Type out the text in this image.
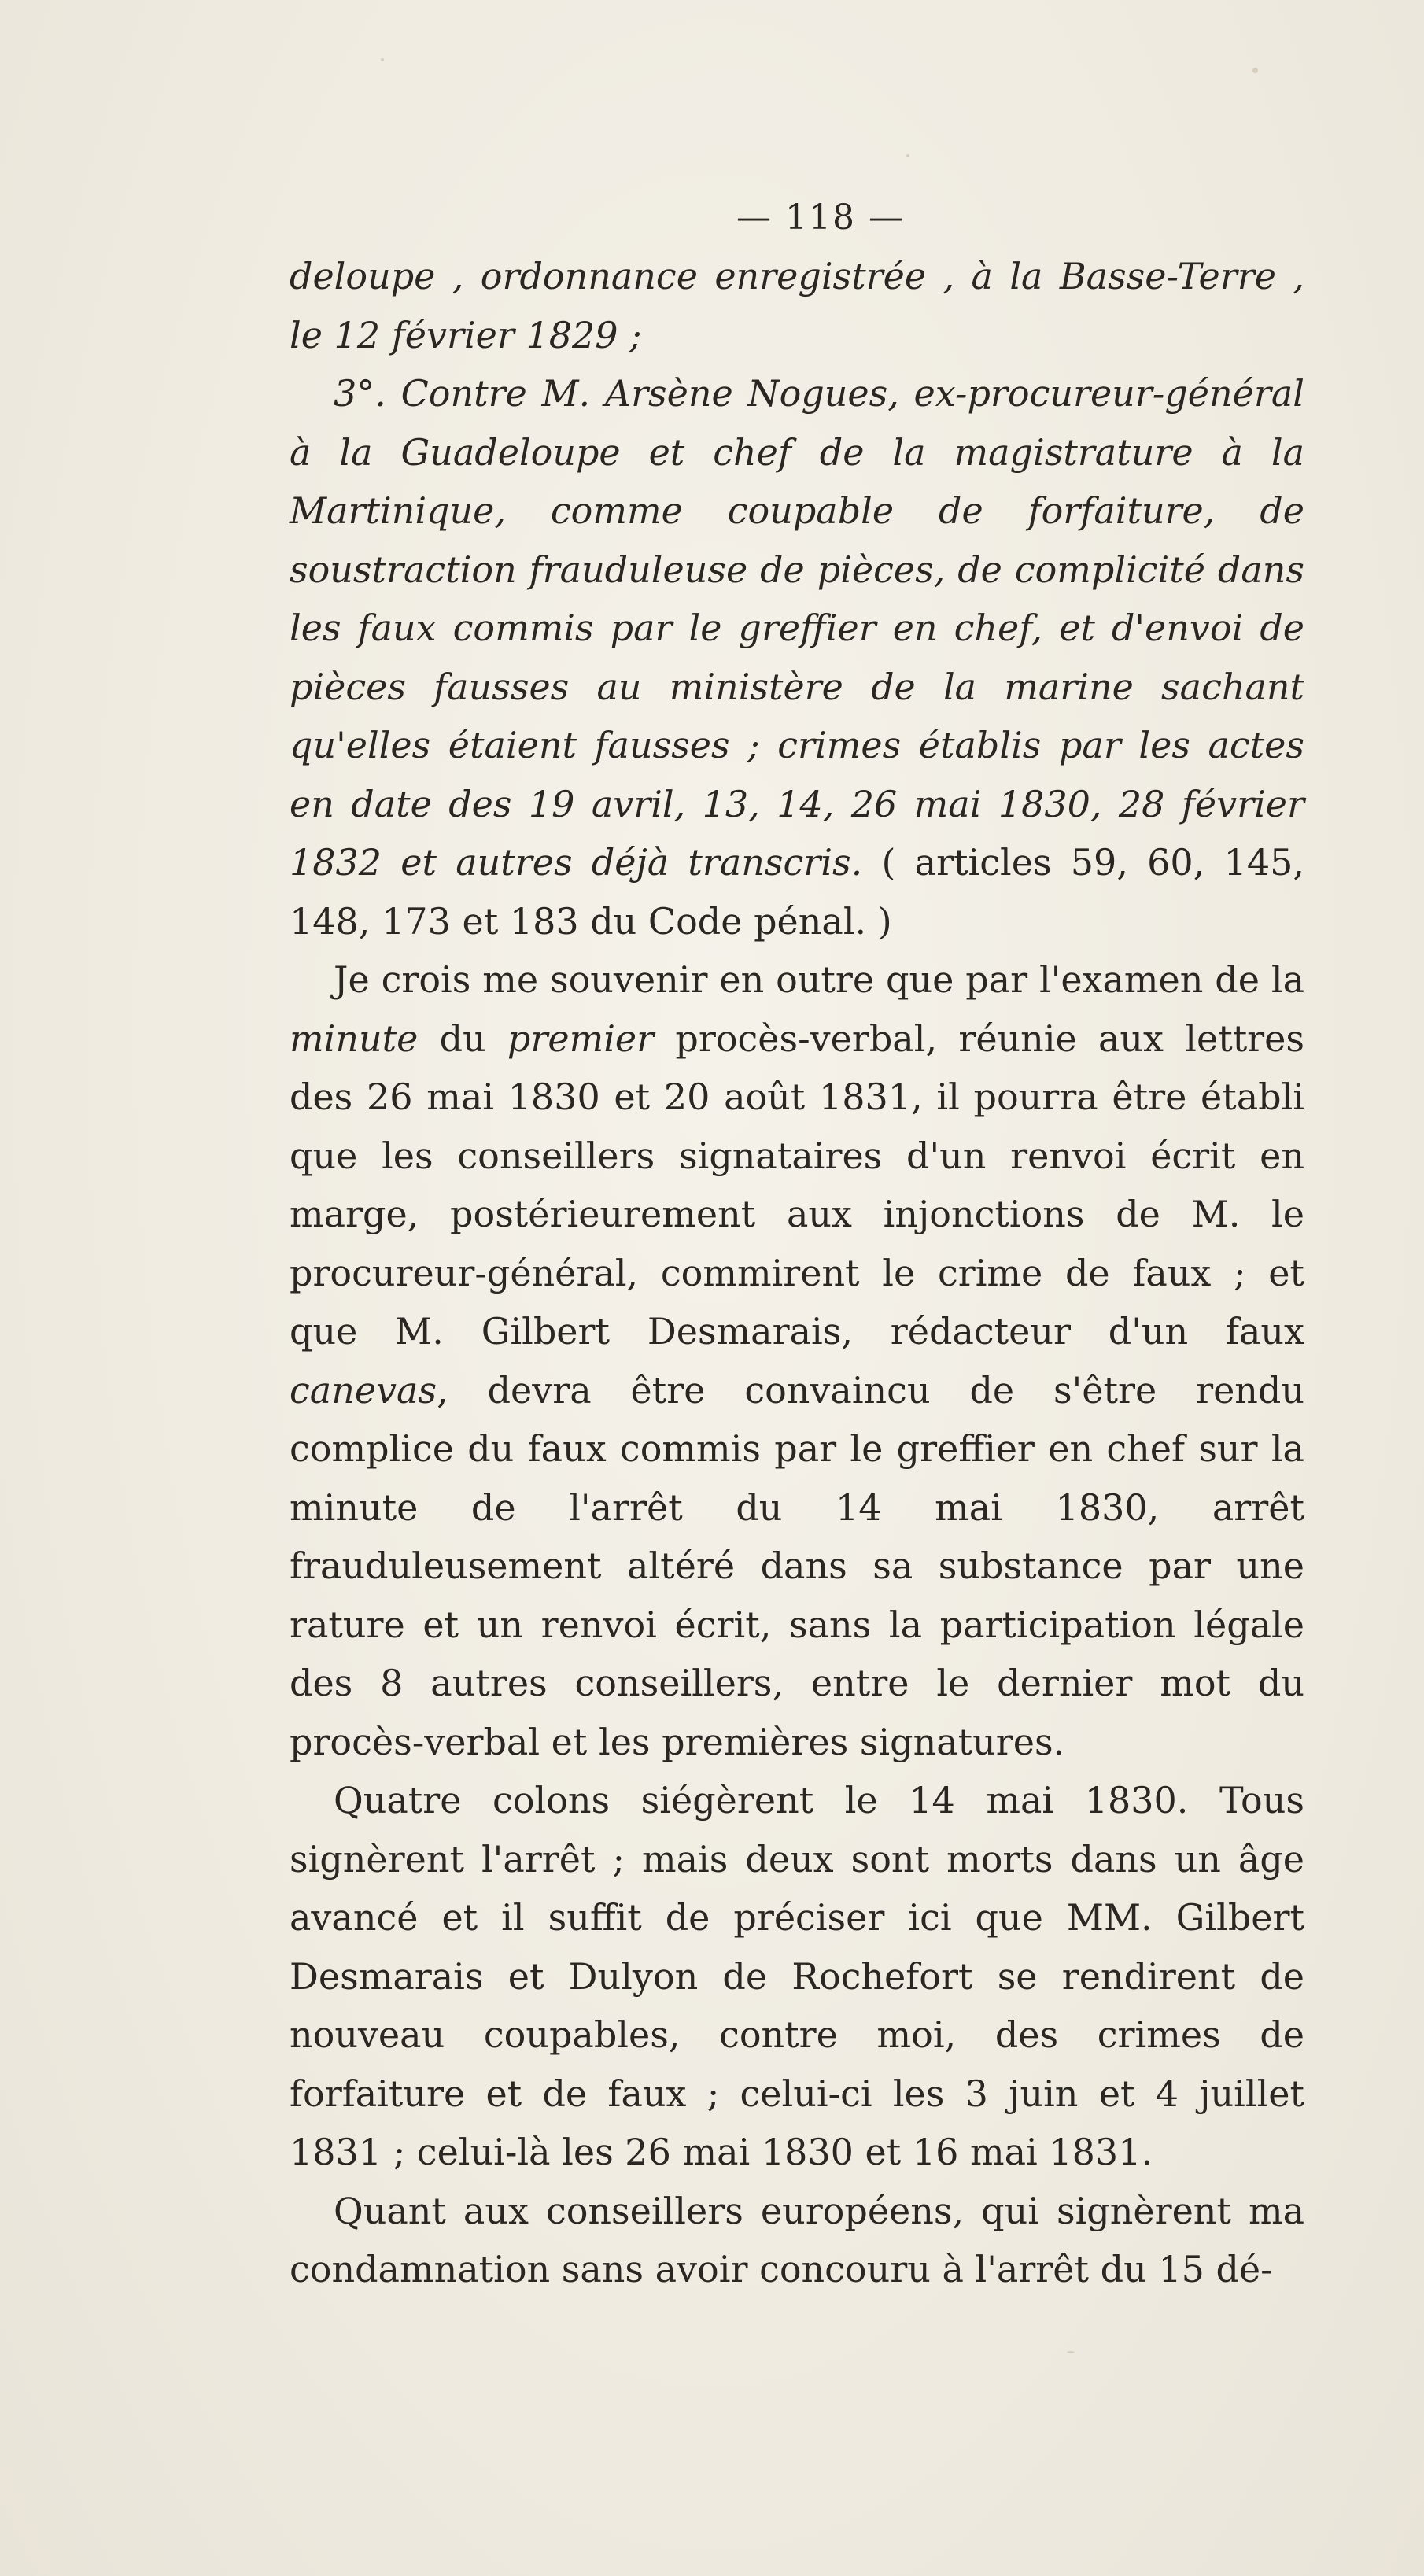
— 118 —

deloupe , ordonnance enregistrée , à la Basse-Terre , le 12 février 1829 ;

3°. Contre M. Arsène Nogues, ex-procureur-général à la Guadeloupe et chef de la magistrature à la Martinique, comme coupable de forfaiture, de soustraction frauduleuse de pièces, de complicité dans les faux commis par le greffier en chef, et d'envoi de pièces fausses au ministère de la marine sachant qu'elles étaient fausses ; crimes établis par les actes en date des 19 avril, 13, 14, 26 mai 1830, 28 février 1832 et autres déjà transcris. ( articles 59, 60, 145, 148, 173 et 183 du Code pénal. )

Je crois me souvenir en outre que par l'examen de la minute du premier procès-verbal, réunie aux lettres des 26 mai 1830 et 20 août 1831, il pourra être établi que les conseillers signataires d'un renvoi écrit en marge, postérieurement aux injonctions de M. le procureur-général, commirent le crime de faux ; et que M. Gilbert Desmarais, rédacteur d'un faux canevas, devra être convaincu de s'être rendu complice du faux commis par le greffier en chef sur la minute de l'arrêt du 14 mai 1830, arrêt frauduleusement altéré dans sa substance par une rature et un renvoi écrit, sans la participation légale des 8 autres conseillers, entre le dernier mot du procès-verbal et les premières signatures.

Quatre colons siégèrent le 14 mai 1830. Tous signèrent l'arrêt ; mais deux sont morts dans un âge avancé et il suffit de préciser ici que MM. Gilbert Desmarais et Dulyon de Rochefort se rendirent de nouveau coupables, contre moi, des crimes de forfaiture et de faux ; celui-ci les 3 juin et 4 juillet 1831 ; celui-là les 26 mai 1830 et 16 mai 1831.

Quant aux conseillers européens, qui signèrent ma condamnation sans avoir concouru à l'arrêt du 15 dé-
